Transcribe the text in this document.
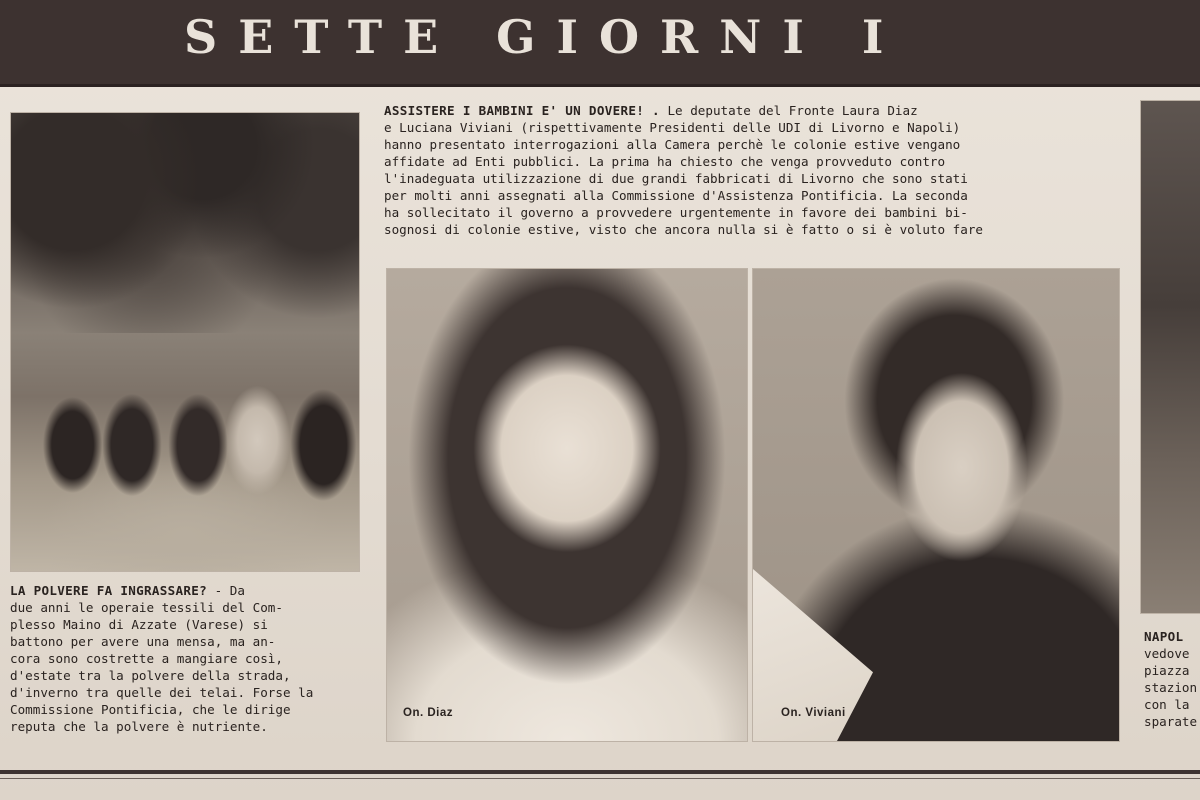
SETTE GIORNI I
ASSISTERE I BAMBINI E' UN DOVERE! . Le deputate del Fronte Laura Diaz
e Luciana Viviani (rispettivamente Presidenti delle UDI di Livorno e Napoli)
hanno presentato interrogazioni alla Camera perchè le colonie estive vengano
affidate ad Enti pubblici. La prima ha chiesto che venga provveduto contro
l'inadeguata utilizzazione di due grandi fabbricati di Livorno che sono stati
per molti anni assegnati alla Commissione d'Assistenza Pontificia. La seconda
ha sollecitato il governo a provvedere urgentemente in favore dei bambini bi-
sognosi di colonie estive, visto che ancora nulla si è fatto o si è voluto fare
On. Diaz	On. Viviani
LA POLVERE FA INGRASSARE? - Da
due anni le operaie tessili del Com-
plesso Maino di Azzate (Varese) si
battono per avere una mensa, ma an-
cora sono costrette a mangiare così,
d'estate tra la polvere della strada,
d'inverno tra quelle dei telai. Forse la
Commissione Pontificia, che le dirige
reputa che la polvere è nutriente.
NAPOL
vedove
piazza
stazion
con la
sparate
